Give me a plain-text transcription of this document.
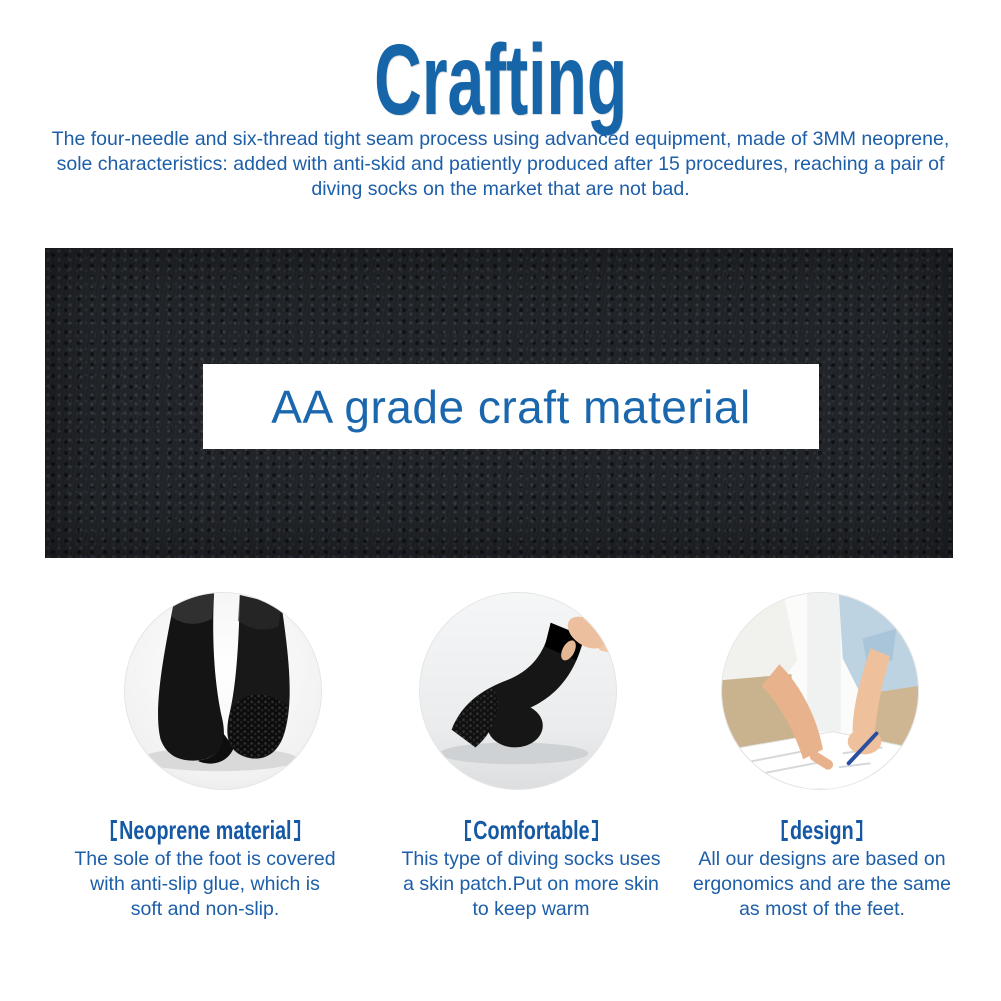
Crafting
The four-needle and six-thread tight seam process using advanced equipment, made of 3MM neoprene,
sole characteristics: added with anti-skid and patiently produced after 15 procedures, reaching a pair of
diving socks on the market that are not bad.
AA grade craft material
Neoprene material
The sole of the foot is covered
with anti-slip glue, which is
soft and non-slip.
Comfortable
This type of diving socks uses
a skin patch.Put on more skin
to keep warm
design
All our designs are based on
ergonomics and are the same
as most of the feet.
